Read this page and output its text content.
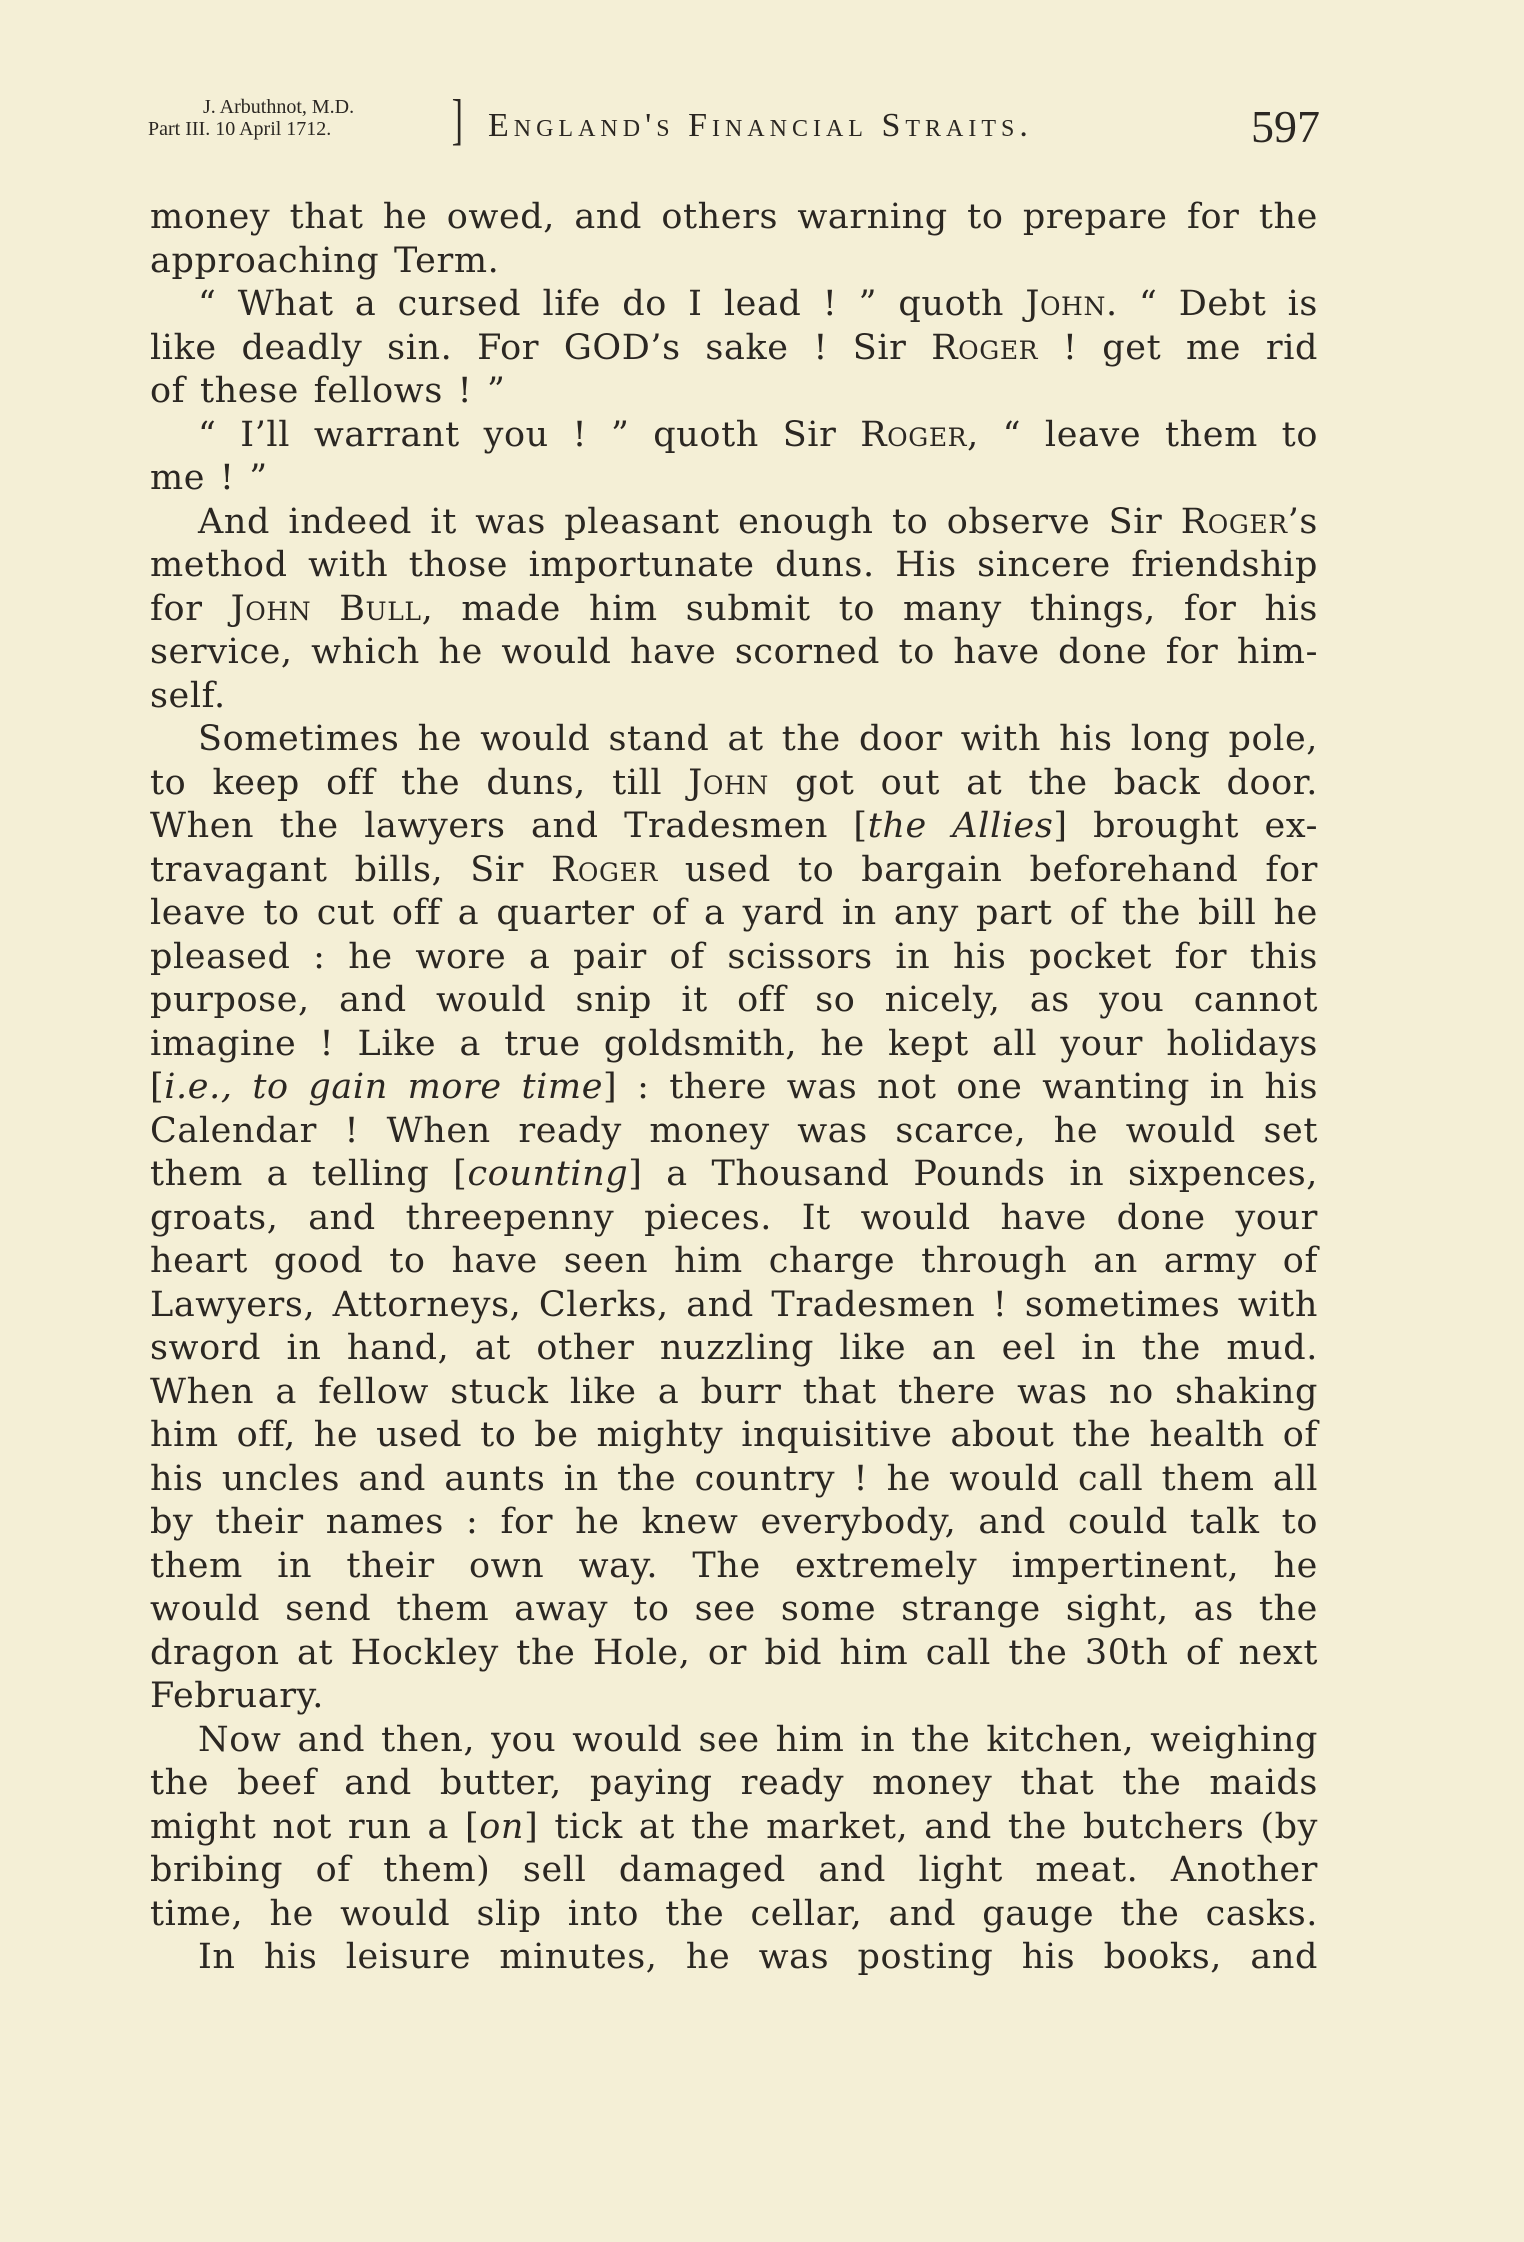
J. Arbuthnot, M.D.
Part III. 10 April 1712.	] England's Financial Straits.	597
money that he owed, and others warning to prepare for the
approaching Term.
“ What a cursed life do I lead ! ” quoth John. “ Debt is
like deadly sin. For GOD’s sake ! Sir Roger ! get me rid
of these fellows ! ”
“ I’ll warrant you ! ” quoth Sir Roger, “ leave them to
me ! ”
And indeed it was pleasant enough to observe Sir Roger’s
method with those importunate duns. His sincere friendship
for John Bull, made him submit to many things, for his
service, which he would have scorned to have done for him-
self.
Sometimes he would stand at the door with his long pole,
to keep off the duns, till John got out at the back door.
When the lawyers and Tradesmen [the Allies] brought ex-
travagant bills, Sir Roger used to bargain beforehand for
leave to cut off a quarter of a yard in any part of the bill he
pleased : he wore a pair of scissors in his pocket for this
purpose, and would snip it off so nicely, as you cannot
imagine ! Like a true goldsmith, he kept all your holidays
[i.e., to gain more time] : there was not one wanting in his
Calendar ! When ready money was scarce, he would set
them a telling [counting] a Thousand Pounds in sixpences,
groats, and threepenny pieces. It would have done your
heart good to have seen him charge through an army of
Lawyers, Attorneys, Clerks, and Tradesmen ! sometimes with
sword in hand, at other nuzzling like an eel in the mud.
When a fellow stuck like a burr that there was no shaking
him off, he used to be mighty inquisitive about the health of
his uncles and aunts in the country ! he would call them all
by their names : for he knew everybody, and could talk to
them in their own way. The extremely impertinent, he
would send them away to see some strange sight, as the
dragon at Hockley the Hole, or bid him call the 30th of next
February.
Now and then, you would see him in the kitchen, weighing
the beef and butter, paying ready money that the maids
might not run a [on] tick at the market, and the butchers (by
bribing of them) sell damaged and light meat. Another
time, he would slip into the cellar, and gauge the casks.
In his leisure minutes, he was posting his books, and
